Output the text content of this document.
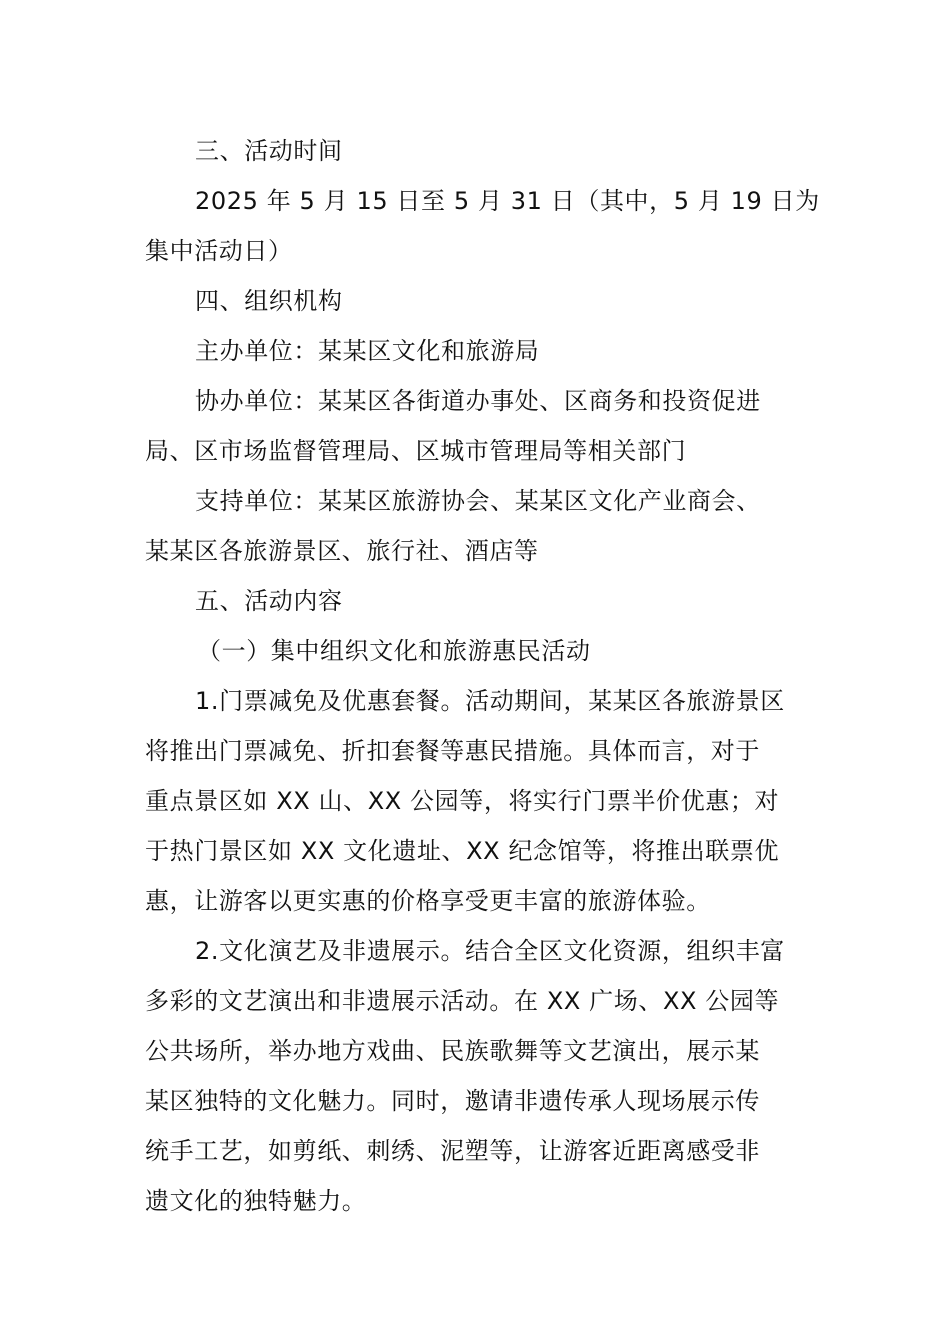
三、活动时间
2025 年 5 月 15 日至 5 月 31 日（其中，5 月 19 日为
集中活动日）
四、组织机构
主办单位：某某区文化和旅游局
协办单位：某某区各街道办事处、区商务和投资促进
局、区市场监督管理局、区城市管理局等相关部门
支持单位：某某区旅游协会、某某区文化产业商会、
某某区各旅游景区、旅行社、酒店等
五、活动内容
（一）集中组织文化和旅游惠民活动
1.门票减免及优惠套餐。活动期间，某某区各旅游景区
将推出门票减免、折扣套餐等惠民措施。具体而言，对于
重点景区如 XX 山、XX 公园等，将实行门票半价优惠；对
于热门景区如 XX 文化遗址、XX 纪念馆等，将推出联票优
惠，让游客以更实惠的价格享受更丰富的旅游体验。
2.文化演艺及非遗展示。结合全区文化资源，组织丰富
多彩的文艺演出和非遗展示活动。在 XX 广场、XX 公园等
公共场所，举办地方戏曲、民族歌舞等文艺演出，展示某
某区独特的文化魅力。同时，邀请非遗传承人现场展示传
统手工艺，如剪纸、刺绣、泥塑等，让游客近距离感受非
遗文化的独特魅力。
